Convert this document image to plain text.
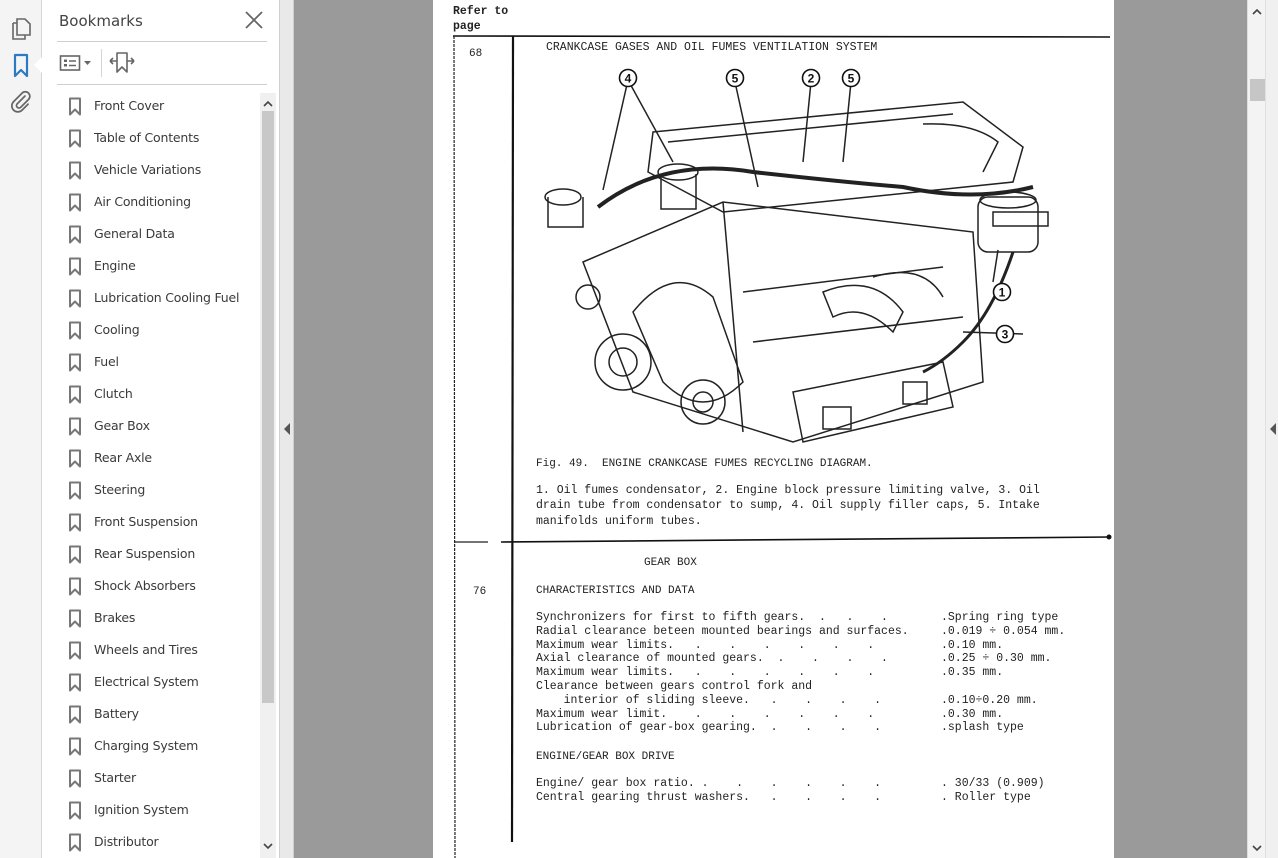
Bookmarks
Front Cover
Table of Contents
Vehicle Variations
Air Conditioning
General Data
Engine
Lubrication Cooling Fuel
Cooling
Fuel
Clutch
Gear Box
Rear Axle
Steering
Front Suspension
Rear Suspension
Shock Absorbers
Brakes
Wheels and Tires
Electrical System
Battery
Charging System
Starter
Ignition System
Distributor
Refer to
page
68	CRANKCASE GASES AND OIL FUMES VENTILATION SYSTEM
4	5	2	5
1
3
Fig. 49.  ENGINE CRANKCASE FUMES RECYCLING DIAGRAM.
1. Oil fumes condensator, 2. Engine block pressure limiting valve, 3. Oil
drain tube from condensator to sump, 4. Oil supply filler caps, 5. Intake
manifolds uniform tubes.
GEAR BOX
76	CHARACTERISTICS AND DATA
Synchronizers for first to fifth gears.  .   .    .	.Spring ring type
Radial clearance beteen mounted bearings and surfaces.	.0.019 ÷ 0.054 mm.
Maximum wear limits.   .    .    .    .    .    .	.0.10 mm.
Axial clearance of mounted gears.  .    .    .    .	.0.25 ÷ 0.30 mm.
Maximum wear limits.   .    .    .    .    .    .	.0.35 mm.
Clearance between gears control fork and
interior of sliding sleeve.   .    .    .    .	.0.10÷0.20 mm.
Maximum wear limit.    .    .    .    .    .    .	.0.30 mm.
Lubrication of gear-box gearing.  .    .    .    .	.splash type
ENGINE/GEAR BOX DRIVE
Engine/ gear box ratio. .    .    .    .    .    .	. 30/33 (0.909)
Central gearing thrust washers.   .    .    .    .	. Roller type
